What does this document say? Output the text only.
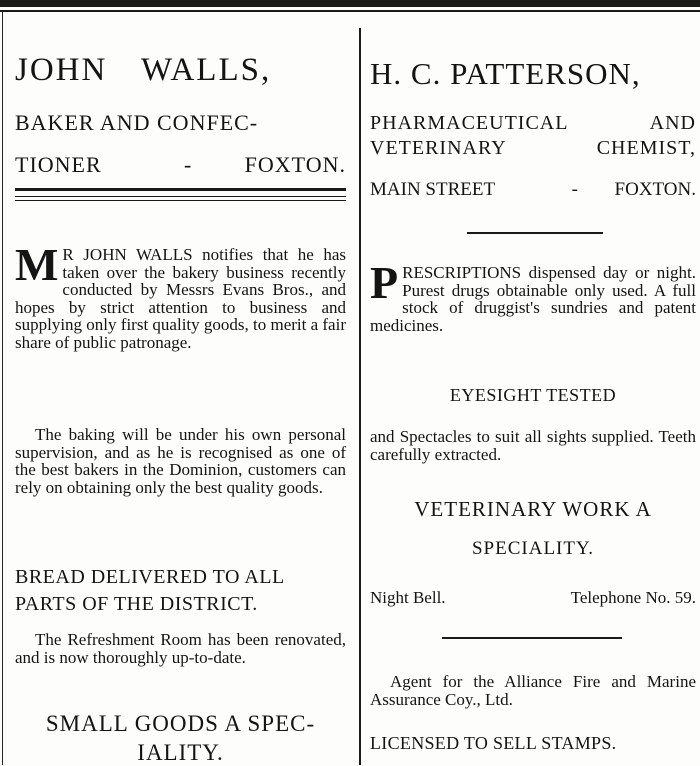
JOHN WALLS,
BAKER AND CONFEC-
TIONER	- FOXTON.

M R JOHN WALLS notifies that he has taken over the bakery business recently conducted by Messrs Evans Bros., and hopes by strict attention to business and supplying only first quality goods, to merit a fair share of public patronage.

The baking will be under his own personal supervision, and as he is recognised as one of the best bakers in the Dominion, customers can rely on obtaining only the best quality goods.

BREAD DELIVERED TO ALL
PARTS OF THE DISTRICT.

The Refreshment Room has been renovated, and is now thoroughly up-to-date.

SMALL GOODS A SPEC-
IALITY.
H. C. PATTERSON,
PHARMACEUTICAL	AND
VETERINARY	CHEMIST,
MAIN STREET	- FOXTON.

PRESCRIPTIONS dispensed day or night. Purest drugs obtainable only used. A full stock of druggist's sundries and patent medicines.

EYESIGHT TESTED

and Spectacles to suit all sights supplied. Teeth carefully extracted.

VETERINARY WORK A
SPECIALITY.
Night Bell.	Telephone No. 59.

Agent for the Alliance Fire and Marine Assurance Coy., Ltd.

LICENSED TO SELL STAMPS.
